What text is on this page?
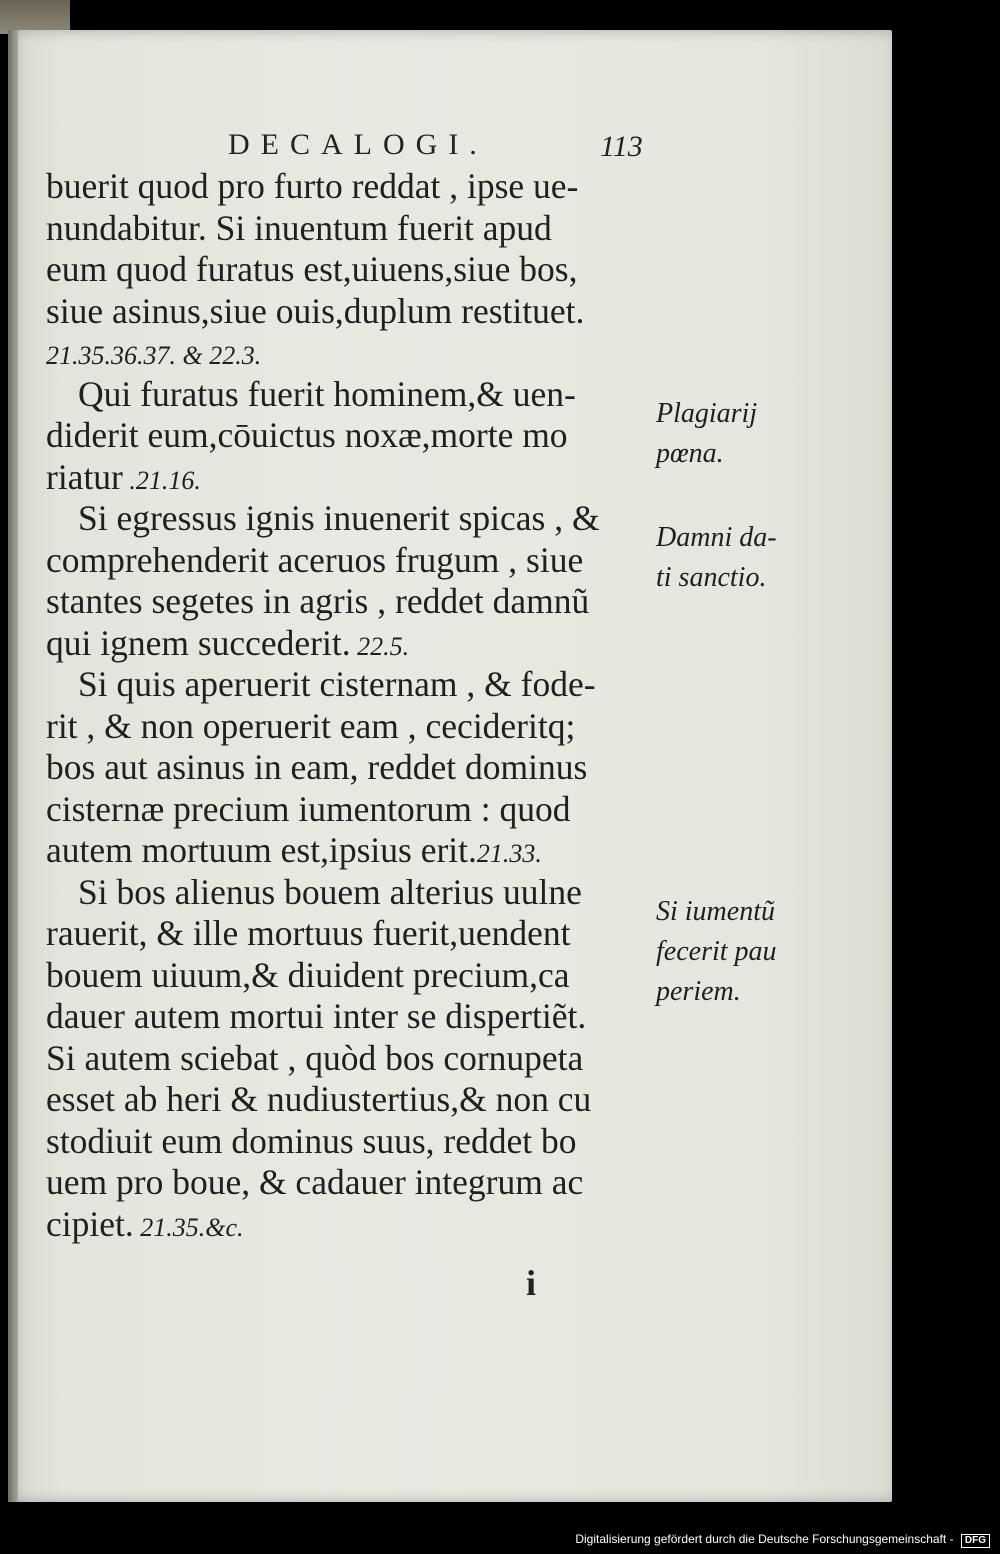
DECALOGI.	113
buerit quod pro furto reddat , ipse ue-
nundabitur. Si inuentum fuerit apud
eum quod furatus est,uiuens,siue bos,
siue asinus,siue ouis,duplum restituet.
21.35.36.37. & 22.3.
Qui furatus fuerit hominem,& uen-
diderit eum,cōuictus noxæ,morte mo
riatur .21.16.
Si egressus ignis inuenerit spicas , &
comprehenderit aceruos frugum , siue
stantes segetes in agris , reddet damnũ
qui ignem succederit. 22.5.
Si quis aperuerit cisternam , & fode-
rit , & non operuerit eam , cecideritq;
bos aut asinus in eam, reddet dominus
cisternæ precium iumentorum : quod
autem mortuum est,ipsius erit.21.33.
Si bos alienus bouem alterius uulne
rauerit, & ille mortuus fuerit,uendent
bouem uiuum,& diuident precium,ca
dauer autem mortui inter se dispertiẽt.
Si autem sciebat , quòd bos cornupeta
esset ab heri & nudiustertius,& non cu
stodiuit eum dominus suus, reddet bo
uem pro boue, & cadauer integrum ac
cipiet. 21.35.&c.
Plagiarij
pœna.
Damni da-
ti sanctio.
Si iumentũ
fecerit pau
periem.
i
Digitalisierung gefördert durch die Deutsche Forschungsgemeinschaft - DFG
